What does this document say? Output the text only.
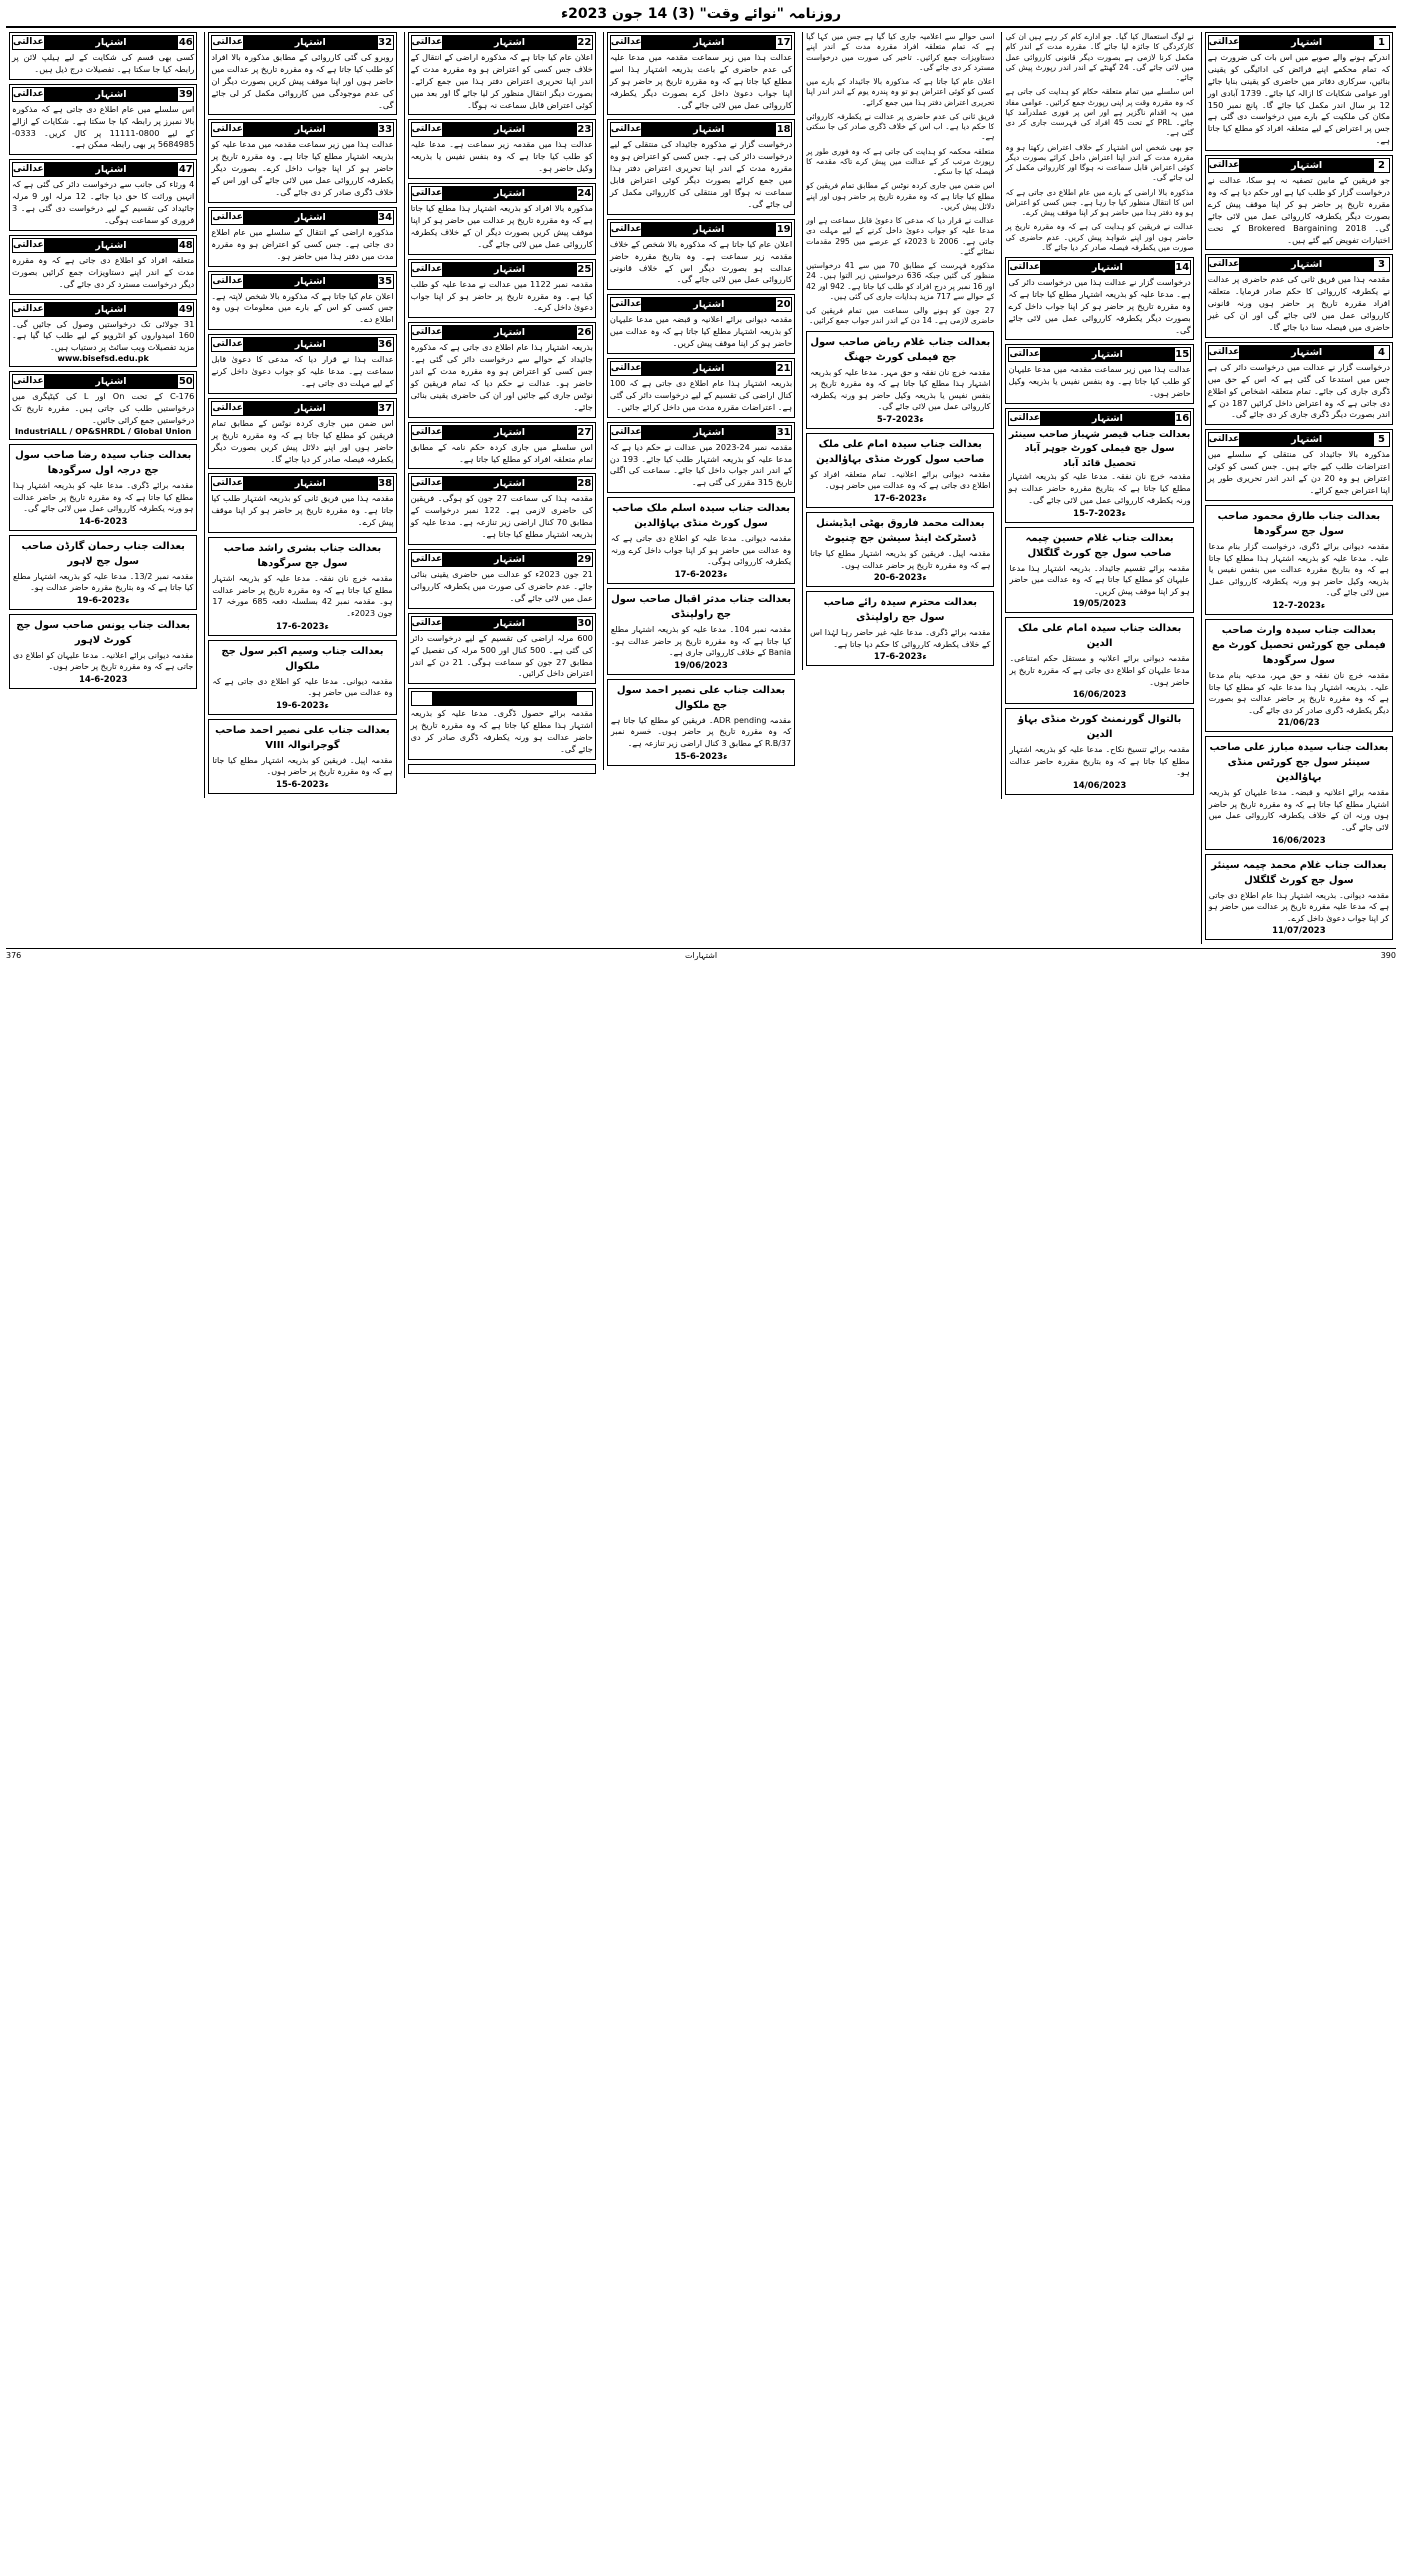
روزنامہ "نوائے وقت" (3) 14 جون 2023ء
1
اشتہار
عدالتی
اندرکے ہونے والے صوبے میں اس بات کی ضرورت ہے کہ تمام محکمے اپنے فرائض کی ادائیگی کو یقینی بنائیں، سرکاری دفاتر میں حاضری کو یقینی بنایا جائے اور عوامی شکایات کا ازالہ کیا جائے۔ 1739 آبادی اور 12 بر سال اندر مکمل کیا جائے گا۔ پانچ نمبر 150 مکان کی ملکیت کے بارے میں درخواست دی گئی ہے جس پر اعتراض کے لیے متعلقہ افراد کو مطلع کیا جاتا ہے۔
2
اشتہار
عدالتی
جو فریقین کے مابین تصفیہ نہ ہو سکا، عدالت نے درخواست گزار کو طلب کیا ہے اور حکم دیا ہے کہ وہ مقررہ تاریخ پر حاضر ہو کر اپنا موقف پیش کرے بصورت دیگر یکطرفہ کارروائی عمل میں لائی جائے گی۔ Brokered Bargaining 2018 کے تحت اختیارات تفویض کیے گئے ہیں۔
3
اشتہار
عدالتی
مقدمہ ہذا میں فریق ثانی کی عدم حاضری پر عدالت نے یکطرفہ کارروائی کا حکم صادر فرمایا۔ متعلقہ افراد مقررہ تاریخ پر حاضر ہوں ورنہ قانونی کارروائی عمل میں لائی جائے گی اور ان کی غیر حاضری میں فیصلہ سنا دیا جائے گا۔
4
اشتہار
عدالتی
درخواست گزار نے عدالت میں درخواست دائر کی ہے جس میں استدعا کی گئی ہے کہ اس کے حق میں ڈگری جاری کی جائے۔ تمام متعلقہ اشخاص کو اطلاع دی جاتی ہے کہ وہ اعتراض داخل کرائیں 187 دن کے اندر بصورت دیگر ڈگری جاری کر دی جائے گی۔
5
اشتہار
عدالتی
مذکورہ بالا جائیداد کی منتقلی کے سلسلے میں اعتراضات طلب کیے جاتے ہیں۔ جس کسی کو کوئی اعتراض ہو وہ 20 دن کے اندر اندر تحریری طور پر اپنا اعتراض جمع کرائے۔
بعدالت جناب طارق محمود صاحب سول جج سرگودھا
مقدمہ دیوانی برائے ڈگری، درخواست گزار بنام مدعا علیہ۔ مدعا علیہ کو بذریعہ اشتہار ہذا مطلع کیا جاتا ہے کہ وہ بتاریخ مقررہ عدالت میں بنفس نفیس یا بذریعہ وکیل حاضر ہو ورنہ یکطرفہ کارروائی عمل میں لائی جائے گی۔
12-7-2023ء
بعدالت جناب سیدہ وارث صاحب فیملی جج کورٹس تحصیل کورٹ مع سول سرگودھا
مقدمہ خرچ نان نفقہ و حق مہر، مدعیہ بنام مدعا علیہ۔ بذریعہ اشتہار ہذا مدعا علیہ کو مطلع کیا جاتا ہے کہ وہ مقررہ تاریخ پر حاضر عدالت ہو بصورت دیگر یکطرفہ ڈگری صادر کر دی جائے گی۔
21/06/23
بعدالت جناب سیدہ مبارز علی صاحب سینئر سول جج کورٹس منڈی بہاؤالدین
مقدمہ برائے اعلانیہ و قبضہ۔ مدعا علیہان کو بذریعہ اشتہار مطلع کیا جاتا ہے کہ وہ مقررہ تاریخ پر حاضر ہوں ورنہ ان کے خلاف یکطرفہ کارروائی عمل میں لائی جائے گی۔
16/06/2023
بعدالت جناب غلام محمد چیمہ سینئر سول جج کورٹ گلگلال
مقدمہ دیوانی۔ بذریعہ اشتہار ہذا عام اطلاع دی جاتی ہے کہ مدعا علیہ مقررہ تاریخ پر عدالت میں حاضر ہو کر اپنا جواب دعویٰ داخل کرے۔
11/07/2023
نے لوگ استعمال کیا گیا۔ جو ادارے کام کر رہے ہیں ان کی کارکردگی کا جائزہ لیا جائے گا۔ مقررہ مدت کے اندر کام مکمل کرنا لازمی ہے بصورت دیگر قانونی کارروائی عمل میں لائی جائے گی۔ 24 گھنٹے کے اندر اندر رپورٹ پیش کی جائے۔
اس سلسلے میں تمام متعلقہ حکام کو ہدایت کی جاتی ہے کہ وہ مقررہ وقت پر اپنی رپورٹ جمع کرائیں۔ عوامی مفاد میں یہ اقدام ناگزیر ہے اور اس پر فوری عملدرآمد کیا جائے۔ PRL کے تحت 45 افراد کی فہرست جاری کر دی گئی ہے۔
جو بھی شخص اس اشتہار کے خلاف اعتراض رکھتا ہو وہ مقررہ مدت کے اندر اپنا اعتراض داخل کرائے بصورت دیگر کوئی اعتراض قابل سماعت نہ ہوگا اور کارروائی مکمل کر لی جائے گی۔
مذکورہ بالا اراضی کے بارے میں عام اطلاع دی جاتی ہے کہ اس کا انتقال منظور کیا جا رہا ہے۔ جس کسی کو اعتراض ہو وہ دفتر ہذا میں حاضر ہو کر اپنا موقف پیش کرے۔
عدالت نے فریقین کو ہدایت کی ہے کہ وہ مقررہ تاریخ پر حاضر ہوں اور اپنے شواہد پیش کریں۔ عدم حاضری کی صورت میں یکطرفہ فیصلہ صادر کر دیا جائے گا۔
14
اشتہار
عدالتی
درخواست گزار نے عدالت ہذا میں درخواست دائر کی ہے۔ مدعا علیہ کو بذریعہ اشتہار مطلع کیا جاتا ہے کہ وہ مقررہ تاریخ پر حاضر ہو کر اپنا جواب داخل کرے بصورت دیگر یکطرفہ کارروائی عمل میں لائی جائے گی۔
15
اشتہار
عدالتی
عدالت ہذا میں زیر سماعت مقدمہ میں مدعا علیہان کو طلب کیا جاتا ہے۔ وہ بنفس نفیس یا بذریعہ وکیل حاضر ہوں۔
16
اشتہار
عدالتی
بعدالت جناب قیصر شہباز صاحب سینئر سول جج فیملی کورٹ جوہر آباد تحصیل قائد آباد
مقدمہ خرچ نان نفقہ۔ مدعا علیہ کو بذریعہ اشتہار مطلع کیا جاتا ہے کہ بتاریخ مقررہ حاضر عدالت ہو ورنہ یکطرفہ کارروائی عمل میں لائی جائے گی۔
15-7-2023ء
بعدالت جناب غلام حسین چیمہ صاحب سول جج کورٹ گلگلال
مقدمہ برائے تقسیم جائیداد۔ بذریعہ اشتہار ہذا مدعا علیہان کو مطلع کیا جاتا ہے کہ وہ عدالت میں حاضر ہو کر اپنا موقف پیش کریں۔
19/05/2023
بعدالت جناب سیدہ امام علی ملک الدین
مقدمہ دیوانی برائے اعلانیہ و مستقل حکم امتناعی۔ مدعا علیہان کو اطلاع دی جاتی ہے کہ مقررہ تاریخ پر حاضر ہوں۔
16/06/2023
بالتوال گورنمنٹ کورٹ منڈی بہاؤ الدین
مقدمہ برائے تنسیخ نکاح۔ مدعا علیہ کو بذریعہ اشتہار مطلع کیا جاتا ہے کہ وہ بتاریخ مقررہ حاضر عدالت ہو۔
14/06/2023
اسی حوالے سے اعلامیہ جاری کیا گیا ہے جس میں کہا گیا ہے کہ تمام متعلقہ افراد مقررہ مدت کے اندر اپنے دستاویزات جمع کرائیں۔ تاخیر کی صورت میں درخواست مسترد کر دی جائے گی۔
اعلان عام کیا جاتا ہے کہ مذکورہ بالا جائیداد کے بارے میں کسی کو کوئی اعتراض ہو تو وہ پندرہ یوم کے اندر اندر اپنا تحریری اعتراض دفتر ہذا میں جمع کرائے۔
فریق ثانی کی عدم حاضری پر عدالت نے یکطرفہ کارروائی کا حکم دیا ہے۔ اب اس کے خلاف ڈگری صادر کی جا سکتی ہے۔
متعلقہ محکمہ کو ہدایت کی جاتی ہے کہ وہ فوری طور پر رپورٹ مرتب کر کے عدالت میں پیش کرے تاکہ مقدمہ کا فیصلہ کیا جا سکے۔
اس ضمن میں جاری کردہ نوٹس کے مطابق تمام فریقین کو مطلع کیا جاتا ہے کہ وہ مقررہ تاریخ پر حاضر ہوں اور اپنے دلائل پیش کریں۔
عدالت نے قرار دیا کہ مدعی کا دعویٰ قابل سماعت ہے اور مدعا علیہ کو جواب دعویٰ داخل کرنے کے لیے مہلت دی جاتی ہے۔ 2006 تا 2023ء کے عرصے میں 295 مقدمات نمٹائے گئے۔
مذکورہ فہرست کے مطابق 70 میں سے 41 درخواستیں منظور کی گئیں جبکہ 636 درخواستیں زیر التوا ہیں۔ 24 اور 16 نمبر پر درج افراد کو طلب کیا جاتا ہے۔ 942 اور 42 کے حوالے سے 717 مزید ہدایات جاری کی گئی ہیں۔
27 جون کو ہونے والی سماعت میں تمام فریقین کی حاضری لازمی ہے۔ 14 دن کے اندر اندر جواب جمع کرائیں۔
بعدالت جناب غلام ریاض صاحب سول جج فیملی کورٹ جھنگ
مقدمہ خرچ نان نفقہ و حق مہر۔ مدعا علیہ کو بذریعہ اشتہار ہذا مطلع کیا جاتا ہے کہ وہ مقررہ تاریخ پر بنفس نفیس یا بذریعہ وکیل حاضر ہو ورنہ یکطرفہ کارروائی عمل میں لائی جائے گی۔
5-7-2023ء
بعدالت جناب سیدہ امام علی ملک صاحب سول کورٹ منڈی بہاؤالدین
مقدمہ دیوانی برائے اعلانیہ۔ تمام متعلقہ افراد کو اطلاع دی جاتی ہے کہ وہ عدالت میں حاضر ہوں۔
17-6-2023ء
بعدالت محمد فاروق بھٹی ایڈیشنل ڈسٹرکٹ اینڈ سیشن جج چنیوٹ
مقدمہ اپیل۔ فریقین کو بذریعہ اشتہار مطلع کیا جاتا ہے کہ وہ مقررہ تاریخ پر حاضر عدالت ہوں۔
20-6-2023ء
بعدالت محترم سیدہ رائے صاحب سول جج راولپنڈی
مقدمہ برائے ڈگری۔ مدعا علیہ غیر حاضر رہا لہٰذا اس کے خلاف یکطرفہ کارروائی کا حکم دیا جاتا ہے۔
17-6-2023ء
17
اشتہار
عدالتی
عدالت ہذا میں زیر سماعت مقدمہ میں مدعا علیہ کی عدم حاضری کے باعث بذریعہ اشتہار ہذا اسے مطلع کیا جاتا ہے کہ وہ مقررہ تاریخ پر حاضر ہو کر اپنا جواب دعویٰ داخل کرے بصورت دیگر یکطرفہ کارروائی عمل میں لائی جائے گی۔
18
اشتہار
عدالتی
درخواست گزار نے مذکورہ جائیداد کی منتقلی کے لیے درخواست دائر کی ہے۔ جس کسی کو اعتراض ہو وہ مقررہ مدت کے اندر اپنا تحریری اعتراض دفتر ہذا میں جمع کرائے بصورت دیگر کوئی اعتراض قابل سماعت نہ ہوگا اور منتقلی کی کارروائی مکمل کر لی جائے گی۔
19
اشتہار
عدالتی
اعلان عام کیا جاتا ہے کہ مذکورہ بالا شخص کے خلاف مقدمہ زیر سماعت ہے۔ وہ بتاریخ مقررہ حاضر عدالت ہو بصورت دیگر اس کے خلاف قانونی کارروائی عمل میں لائی جائے گی۔
20
اشتہار
عدالتی
مقدمہ دیوانی برائے اعلانیہ و قبضہ میں مدعا علیہان کو بذریعہ اشتہار مطلع کیا جاتا ہے کہ وہ عدالت میں حاضر ہو کر اپنا موقف پیش کریں۔
21
اشتہار
عدالتی
بذریعہ اشتہار ہذا عام اطلاع دی جاتی ہے کہ 100 کنال اراضی کی تقسیم کے لیے درخواست دائر کی گئی ہے۔ اعتراضات مقررہ مدت میں داخل کرائے جائیں۔
31
اشتہار
عدالتی
مقدمہ نمبر 24-2023 میں عدالت نے حکم دیا ہے کہ مدعا علیہ کو بذریعہ اشتہار طلب کیا جائے۔ 193 دن کے اندر اندر جواب داخل کیا جائے۔ سماعت کی اگلی تاریخ 315 مقرر کی گئی ہے۔
بعدالت جناب سیدہ اسلم ملک صاحب سول کورٹ منڈی بہاؤالدین
مقدمہ دیوانی۔ مدعا علیہ کو اطلاع دی جاتی ہے کہ وہ عدالت میں حاضر ہو کر اپنا جواب داخل کرے ورنہ یکطرفہ کارروائی ہوگی۔
17-6-2023ء
بعدالت جناب مدثر اقبال صاحب سول جج راولپنڈی
مقدمہ نمبر 104۔ مدعا علیہ کو بذریعہ اشتہار مطلع کیا جاتا ہے کہ وہ مقررہ تاریخ پر حاضر عدالت ہو۔ Bania کے خلاف کارروائی جاری ہے۔
19/06/2023
بعدالت جناب علی نصیر احمد سول جج ملکوال
مقدمہ ADR pending۔ فریقین کو مطلع کیا جاتا ہے کہ وہ مقررہ تاریخ پر حاضر ہوں۔ خسرہ نمبر 37/R.B کے مطابق 3 کنال اراضی زیر تنازعہ ہے۔
15-6-2023ء
22
اشتہار
عدالتی
اعلان عام کیا جاتا ہے کہ مذکورہ اراضی کے انتقال کے خلاف جس کسی کو اعتراض ہو وہ مقررہ مدت کے اندر اپنا تحریری اعتراض دفتر ہذا میں جمع کرائے۔ بصورت دیگر انتقال منظور کر لیا جائے گا اور بعد میں کوئی اعتراض قابل سماعت نہ ہوگا۔
23
اشتہار
عدالتی
عدالت ہذا میں مقدمہ زیر سماعت ہے۔ مدعا علیہ کو طلب کیا جاتا ہے کہ وہ بنفس نفیس یا بذریعہ وکیل حاضر ہو۔
24
اشتہار
عدالتی
مذکورہ بالا افراد کو بذریعہ اشتہار ہذا مطلع کیا جاتا ہے کہ وہ مقررہ تاریخ پر عدالت میں حاضر ہو کر اپنا موقف پیش کریں بصورت دیگر ان کے خلاف یکطرفہ کارروائی عمل میں لائی جائے گی۔
25
اشتہار
عدالتی
مقدمہ نمبر 1122 میں عدالت نے مدعا علیہ کو طلب کیا ہے۔ وہ مقررہ تاریخ پر حاضر ہو کر اپنا جواب دعویٰ داخل کرے۔
26
اشتہار
عدالتی
بذریعہ اشتہار ہذا عام اطلاع دی جاتی ہے کہ مذکورہ جائیداد کے حوالے سے درخواست دائر کی گئی ہے۔ جس کسی کو اعتراض ہو وہ مقررہ مدت کے اندر حاضر ہو۔ عدالت نے حکم دیا کہ تمام فریقین کو نوٹس جاری کیے جائیں اور ان کی حاضری یقینی بنائی جائے۔
27
اشتہار
عدالتی
اس سلسلے میں جاری کردہ حکم نامہ کے مطابق تمام متعلقہ افراد کو مطلع کیا جاتا ہے۔
28
اشتہار
عدالتی
مقدمہ ہذا کی سماعت 27 جون کو ہوگی۔ فریقین کی حاضری لازمی ہے۔ 122 نمبر درخواست کے مطابق 70 کنال اراضی زیر تنازعہ ہے۔ مدعا علیہ کو بذریعہ اشتہار مطلع کیا جاتا ہے۔
29
اشتہار
عدالتی
21 جون 2023ء کو عدالت میں حاضری یقینی بنائی جائے۔ عدم حاضری کی صورت میں یکطرفہ کارروائی عمل میں لائی جائے گی۔
30
اشتہار
عدالتی
600 مرلہ اراضی کی تقسیم کے لیے درخواست دائر کی گئی ہے۔ 500 کنال اور 500 مرلہ کی تفصیل کے مطابق 27 جون کو سماعت ہوگی۔ 21 دن کے اندر اعتراض داخل کرائیں۔
مقدمہ برائے حصول ڈگری۔ مدعا علیہ کو بذریعہ اشتہار ہذا مطلع کیا جاتا ہے کہ وہ مقررہ تاریخ پر حاضر عدالت ہو ورنہ یکطرفہ ڈگری صادر کر دی جائے گی۔
32
اشتہار
عدالتی
روبرو کی گئی کارروائی کے مطابق مذکورہ بالا افراد کو طلب کیا جاتا ہے کہ وہ مقررہ تاریخ پر عدالت میں حاضر ہوں اور اپنا موقف پیش کریں بصورت دیگر ان کی عدم موجودگی میں کارروائی مکمل کر لی جائے گی۔
33
اشتہار
عدالتی
عدالت ہذا میں زیر سماعت مقدمہ میں مدعا علیہ کو بذریعہ اشتہار مطلع کیا جاتا ہے۔ وہ مقررہ تاریخ پر حاضر ہو کر اپنا جواب داخل کرے۔ بصورت دیگر یکطرفہ کارروائی عمل میں لائی جائے گی اور اس کے خلاف ڈگری صادر کر دی جائے گی۔
34
اشتہار
عدالتی
مذکورہ اراضی کے انتقال کے سلسلے میں عام اطلاع دی جاتی ہے۔ جس کسی کو اعتراض ہو وہ مقررہ مدت میں دفتر ہذا میں حاضر ہو۔
35
اشتہار
عدالتی
اعلان عام کیا جاتا ہے کہ مذکورہ بالا شخص لاپتہ ہے۔ جس کسی کو اس کے بارے میں معلومات ہوں وہ اطلاع دے۔
36
اشتہار
عدالتی
عدالت ہذا نے قرار دیا کہ مدعی کا دعویٰ قابل سماعت ہے۔ مدعا علیہ کو جواب دعویٰ داخل کرنے کے لیے مہلت دی جاتی ہے۔
37
اشتہار
عدالتی
اس ضمن میں جاری کردہ نوٹس کے مطابق تمام فریقین کو مطلع کیا جاتا ہے کہ وہ مقررہ تاریخ پر حاضر ہوں اور اپنے دلائل پیش کریں بصورت دیگر یکطرفہ فیصلہ صادر کر دیا جائے گا۔
38
اشتہار
عدالتی
مقدمہ ہذا میں فریق ثانی کو بذریعہ اشتہار طلب کیا جاتا ہے۔ وہ مقررہ تاریخ پر حاضر ہو کر اپنا موقف پیش کرے۔
بعدالت جناب بشری راشد صاحب سول جج سرگودھا
مقدمہ خرچ نان نفقہ۔ مدعا علیہ کو بذریعہ اشتہار مطلع کیا جاتا ہے کہ وہ مقررہ تاریخ پر حاضر عدالت ہو۔ مقدمہ نمبر 42 بسلسلہ دفعہ 685 مورخہ 17 جون 2023ء۔
17-6-2023ء
بعدالت جناب وسیم اکبر سول جج ملکوال
مقدمہ دیوانی۔ مدعا علیہ کو اطلاع دی جاتی ہے کہ وہ عدالت میں حاضر ہو۔
19-6-2023ء
بعدالت جناب علی نصیر احمد صاحب گوجرانوالہ VIII
مقدمہ اپیل۔ فریقین کو بذریعہ اشتہار مطلع کیا جاتا ہے کہ وہ مقررہ تاریخ پر حاضر ہوں۔
15-6-2023ء
46
اشتہار
عدالتی
کسی بھی قسم کی شکایت کے لیے ہیلپ لائن پر رابطہ کیا جا سکتا ہے۔ تفصیلات درج ذیل ہیں۔
39
اشتہار
عدالتی
اس سلسلے میں عام اطلاع دی جاتی ہے کہ مذکورہ بالا نمبرز پر رابطہ کیا جا سکتا ہے۔ شکایات کے ازالے کے لیے 0800-11111 پر کال کریں۔ 0333-5684985 پر بھی رابطہ ممکن ہے۔
47
اشتہار
عدالتی
4 ورثاء کی جانب سے درخواست دائر کی گئی ہے کہ انہیں وراثت کا حق دیا جائے۔ 12 مرلہ اور 9 مرلہ جائیداد کی تقسیم کے لیے درخواست دی گئی ہے۔ 3 فروری کو سماعت ہوگی۔
48
اشتہار
عدالتی
متعلقہ افراد کو اطلاع دی جاتی ہے کہ وہ مقررہ مدت کے اندر اپنے دستاویزات جمع کرائیں بصورت دیگر درخواست مسترد کر دی جائے گی۔
49
اشتہار
عدالتی
31 جولائی تک درخواستیں وصول کی جائیں گی۔ 160 امیدواروں کو انٹرویو کے لیے طلب کیا گیا ہے۔ مزید تفصیلات ویب سائٹ پر دستیاب ہیں۔
www.bisefsd.edu.pk
50
اشتہار
عدالتی
C-176 کے تحت On اور L کی کیٹیگری میں درخواستیں طلب کی جاتی ہیں۔ مقررہ تاریخ تک درخواستیں جمع کرائی جائیں۔
IndustriALL / OP&SHRDL / Global Union
بعدالت جناب سیدہ رضا صاحب سول جج درجہ اول سرگودھا
مقدمہ برائے ڈگری۔ مدعا علیہ کو بذریعہ اشتہار ہذا مطلع کیا جاتا ہے کہ وہ مقررہ تاریخ پر حاضر عدالت ہو ورنہ یکطرفہ کارروائی عمل میں لائی جائے گی۔
14-6-2023
بعدالت جناب رحمان گارڈن صاحب سول جج لاہور
مقدمہ نمبر 13/2۔ مدعا علیہ کو بذریعہ اشتہار مطلع کیا جاتا ہے کہ وہ بتاریخ مقررہ حاضر عدالت ہو۔
19-6-2023ء
بعدالت جناب یونس صاحب سول جج کورٹ لاہور
مقدمہ دیوانی برائے اعلانیہ۔ مدعا علیہان کو اطلاع دی جاتی ہے کہ وہ مقررہ تاریخ پر حاضر ہوں۔
14-6-2023
390
اشتہارات
376
